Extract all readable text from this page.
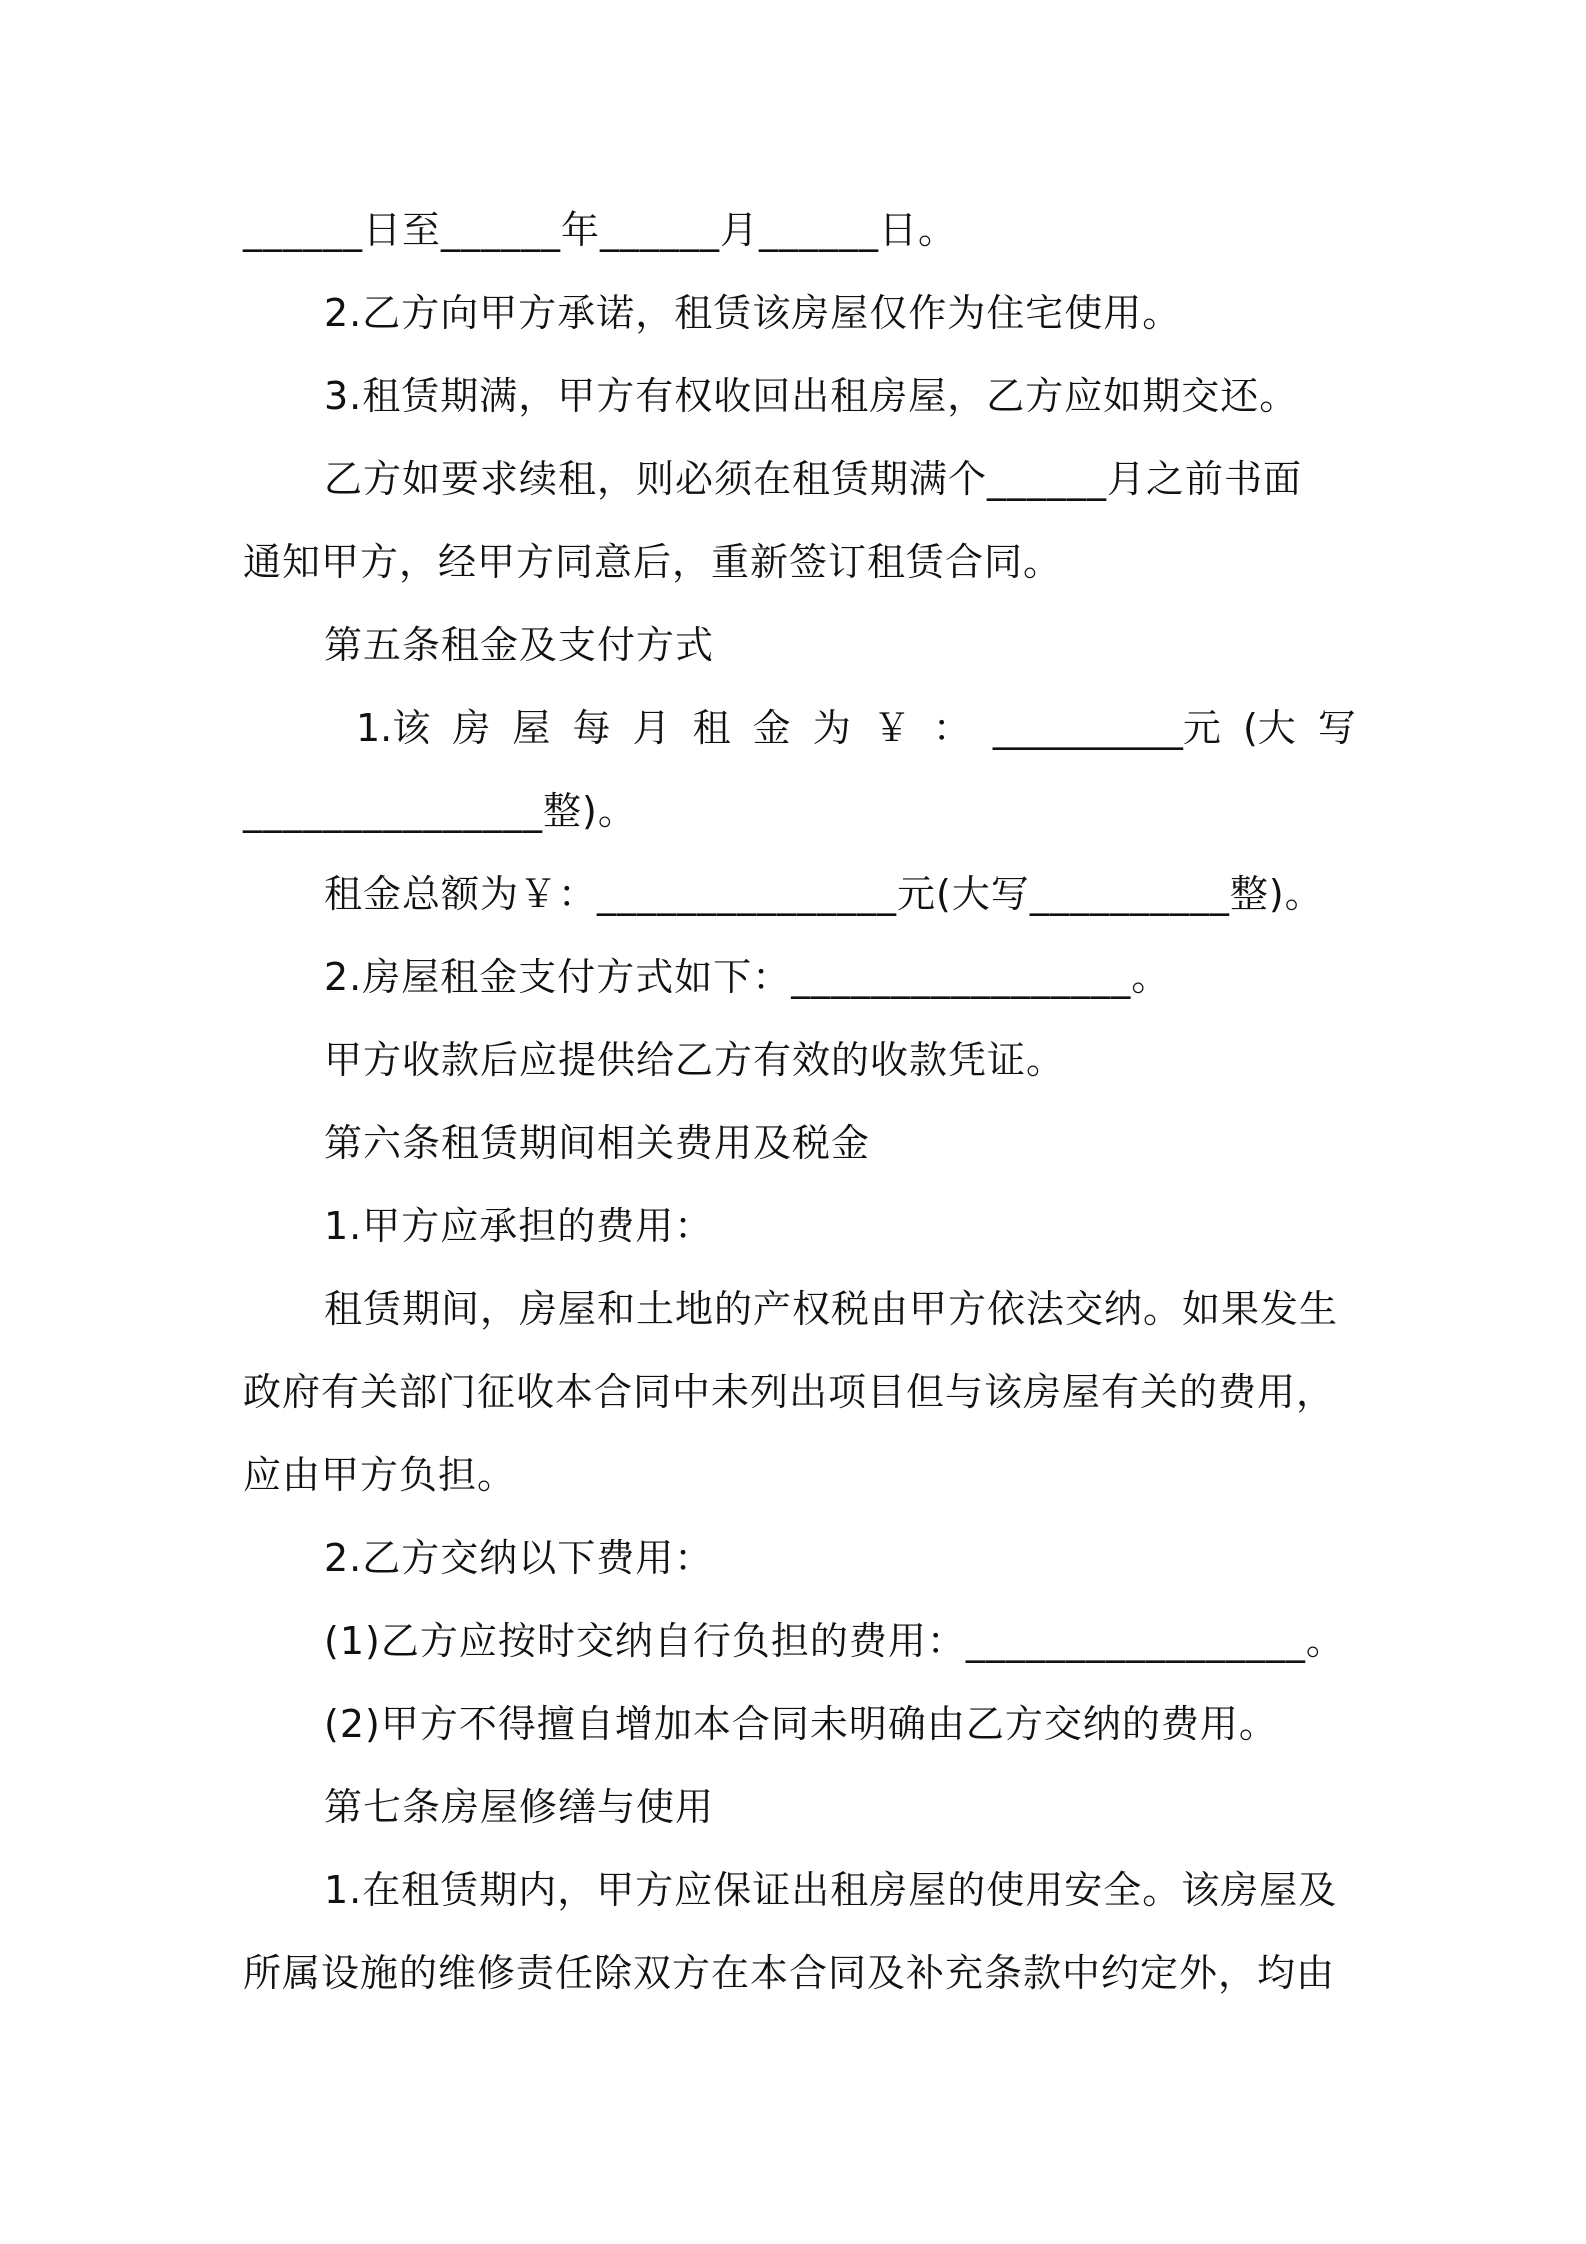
______日至______年______月______日。
2.乙方向甲方承诺，租赁该房屋仅作为住宅使用。
3.租赁期满，甲方有权收回出租房屋，乙方应如期交还。
乙方如要求续租，则必须在租赁期满个______月之前书面
通知甲方，经甲方同意后，重新签订租赁合同。
第五条租金及支付方式
1.该 房 屋 每 月 租 金 为 ￥ ： __________元 (大 写
_______________整)。
租金总额为￥：_______________元(大写__________整)。
2.房屋租金支付方式如下：_________________。
甲方收款后应提供给乙方有效的收款凭证。
第六条租赁期间相关费用及税金
1.甲方应承担的费用：
租赁期间，房屋和土地的产权税由甲方依法交纳。如果发生
政府有关部门征收本合同中未列出项目但与该房屋有关的费用，
应由甲方负担。
2.乙方交纳以下费用：
(1)乙方应按时交纳自行负担的费用：_________________。
(2)甲方不得擅自增加本合同未明确由乙方交纳的费用。
第七条房屋修缮与使用
1.在租赁期内，甲方应保证出租房屋的使用安全。该房屋及
所属设施的维修责任除双方在本合同及补充条款中约定外，均由
